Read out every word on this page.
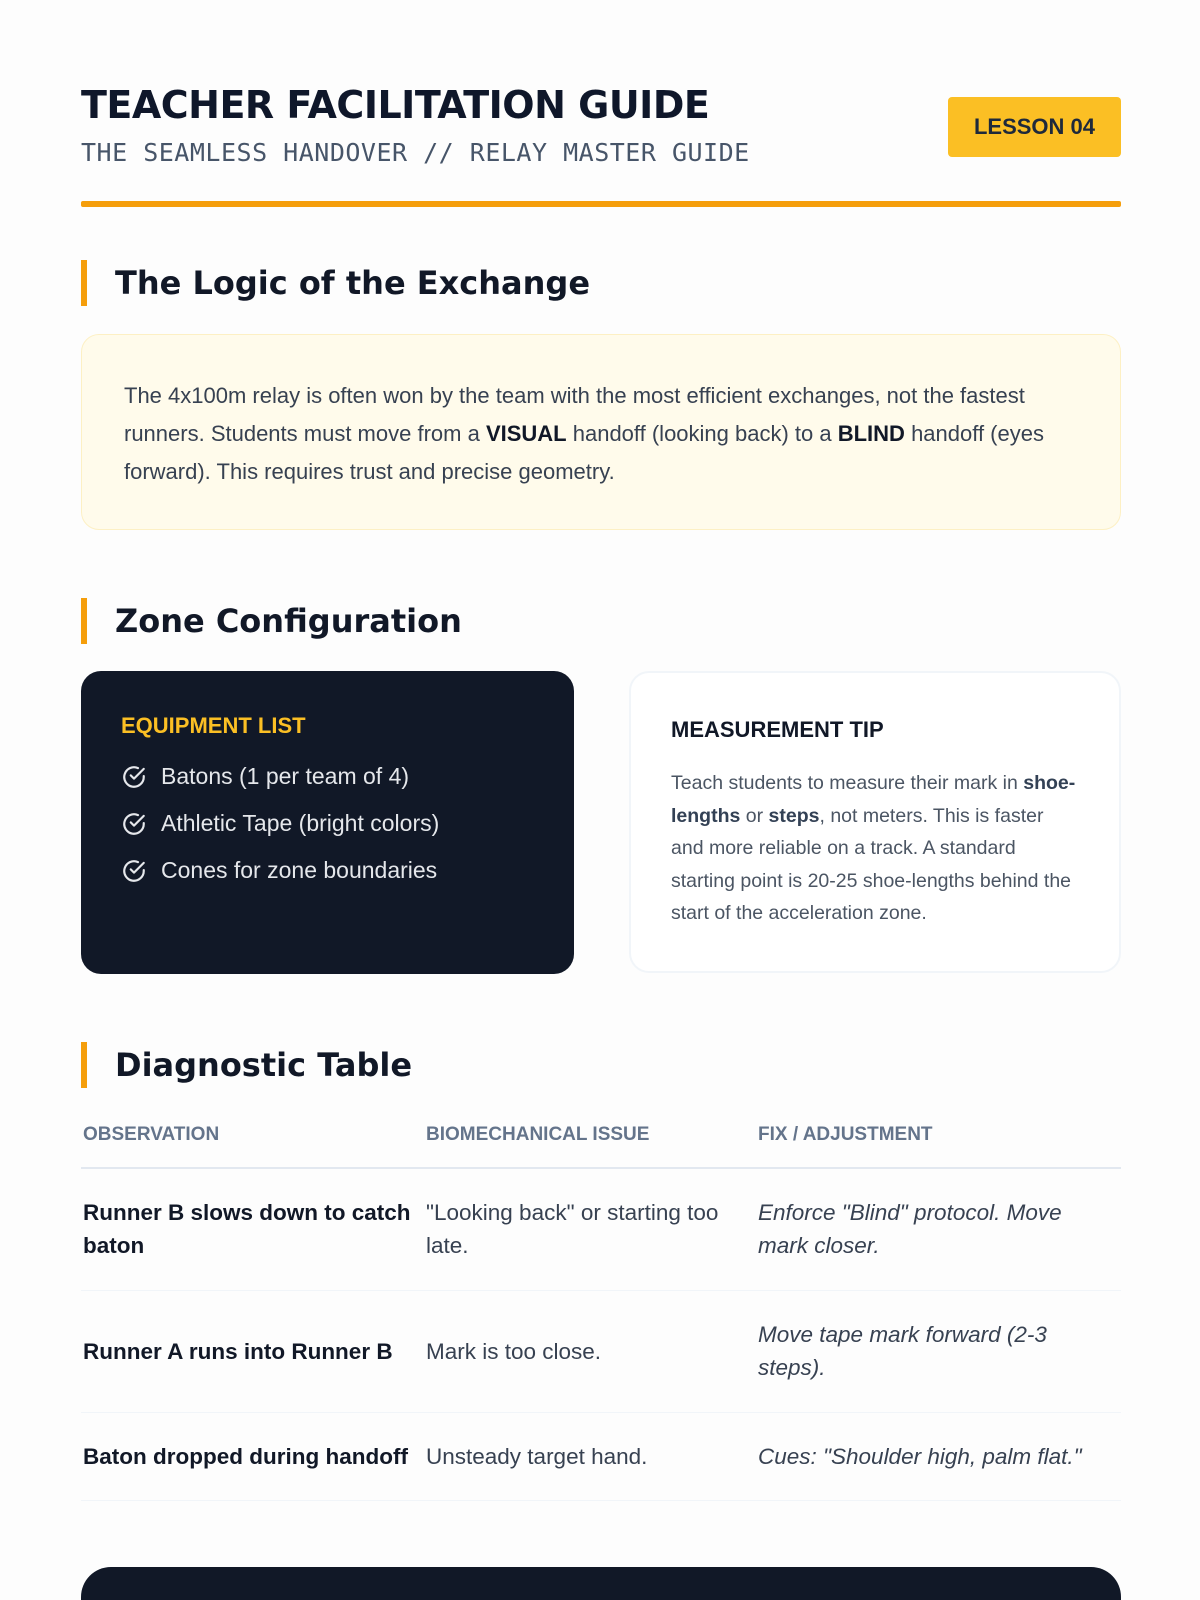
TEACHER FACILITATION GUIDE
THE SEAMLESS HANDOVER // RELAY MASTER GUIDE
LESSON 04
The Logic of the Exchange

The 4x100m relay is often won by the team with the most efficient exchanges, not the fastest runners. Students must move from a VISUAL handoff (looking back) to a BLIND handoff (eyes forward). This requires trust and precise geometry.

Zone Configuration
EQUIPMENT LIST
Batons (1 per team of 4)
Athletic Tape (bright colors)
Cones for zone boundaries
MEASUREMENT TIP

Teach students to measure their mark in shoe-lengths or steps, not meters. This is faster and more reliable on a track. A standard starting point is 20-25 shoe-lengths behind the start of the acceleration zone.

Diagnostic Table
OBSERVATION	BIOMECHANICAL ISSUE	FIX / ADJUSTMENT
Runner B slows down to catch baton	"Looking back" or starting too late.	Enforce "Blind" protocol. Move mark closer.
Runner A runs into Runner B	Mark is too close.	Move tape mark forward (2-3 steps).
Baton dropped during handoff	Unsteady target hand.	Cues: "Shoulder high, palm flat."
